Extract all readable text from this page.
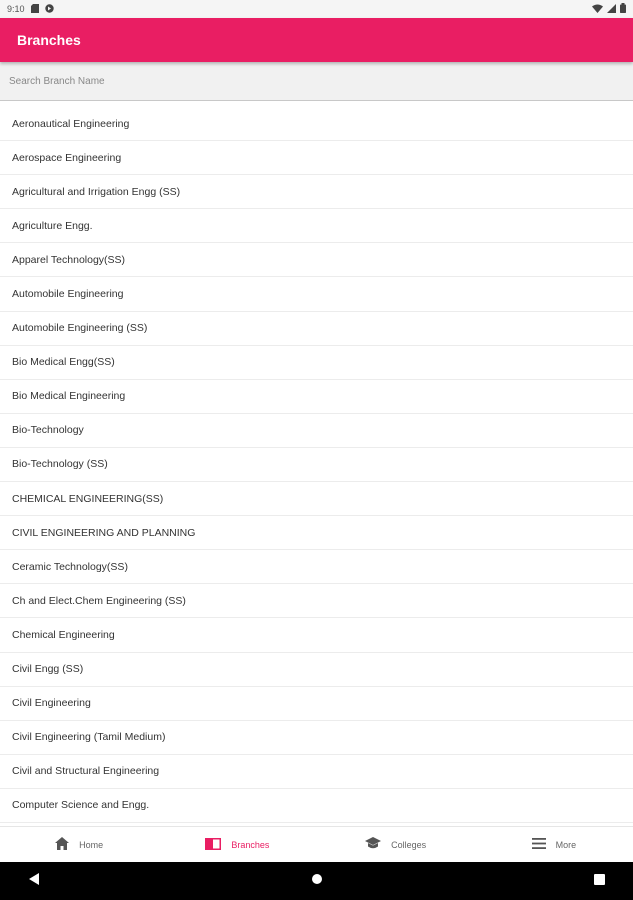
9:10
Branches
Search Branch Name
Aeronautical Engineering
Aerospace Engineering
Agricultural and Irrigation Engg (SS)
Agriculture Engg.
Apparel Technology(SS)
Automobile Engineering
Automobile Engineering (SS)
Bio Medical Engg(SS)
Bio Medical Engineering
Bio-Technology
Bio-Technology (SS)
CHEMICAL ENGINEERING(SS)
CIVIL ENGINEERING AND PLANNING
Ceramic Technology(SS)
Ch and Elect.Chem Engineering (SS)
Chemical Engineering
Civil Engg (SS)
Civil Engineering
Civil Engineering (Tamil Medium)
Civil and Structural Engineering
Computer Science and Engg.
Home	Branches	Colleges	More
